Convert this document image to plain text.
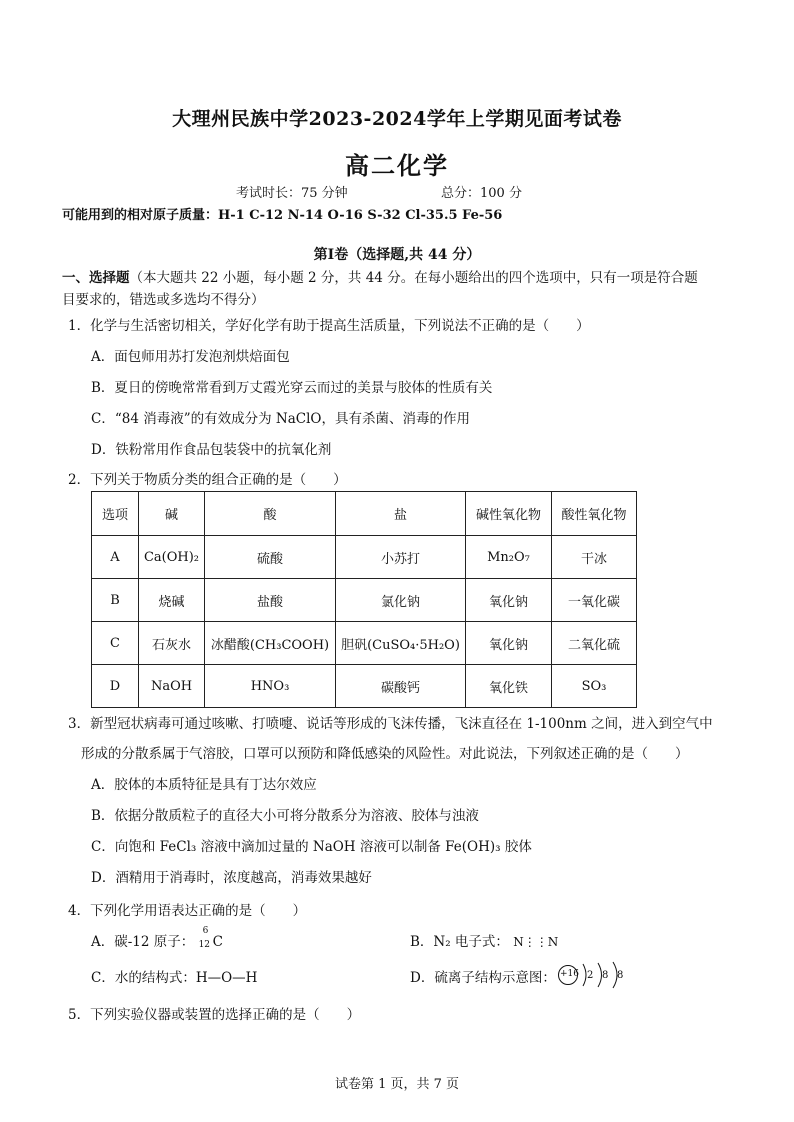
大理州民族中学2023-2024学年上学期见面考试卷
高二化学
考试时长：75 分钟	总分：100 分
可能用到的相对原子质量：H-1 C-12 N-14 O-16 S-32 Cl-35.5 Fe-56
第Ⅰ卷（选择题,共 44 分）
一、选择题（本大题共 22 小题，每小题 2 分，共 44 分。在每小题给出的四个选项中，只有一项是符合题
目要求的，错选或多选均不得分）
1．化学与生活密切相关，学好化学有助于提高生活质量，下列说法不正确的是（　　）
A．面包师用苏打发泡剂烘焙面包
B．夏日的傍晚常常看到万丈霞光穿云而过的美景与胶体的性质有关
C．“84 消毒液”的有效成分为 NaClO，具有杀菌、消毒的作用
D．铁粉常用作食品包装袋中的抗氧化剂
2．下列关于物质分类的组合正确的是（　　）
选项	碱	酸	盐	碱性氧化物	酸性氧化物
A	Ca(OH)₂	硫酸	小苏打	Mn₂O₇	干冰
B	烧碱	盐酸	氯化钠	氧化钠	一氧化碳
C	石灰水	冰醋酸(CH₃COOH)	胆矾(CuSO₄·5H₂O)	氧化钠	二氧化硫
D	NaOH	HNO₃	碳酸钙	氧化铁	SO₃
3．新型冠状病毒可通过咳嗽、打喷嚏、说话等形成的飞沫传播，飞沫直径在 1-100nm 之间，进入到空气中
形成的分散系属于气溶胶，口罩可以预防和降低感染的风险性。对此说法，下列叙述正确的是（　　）
A．胶体的本质特征是具有丁达尔效应
B．依据分散质粒子的直径大小可将分散系分为溶液、胶体与浊液
C．向饱和 FeCl₃ 溶液中滴加过量的 NaOH 溶液可以制备 Fe(OH)₃ 胶体
D．酒精用于消毒时，浓度越高，消毒效果越好
4．下列化学用语表达正确的是（　　）
A．碳-12 原子：
6
12 C	B．N₂ 电子式： N⋮⋮N
C．水的结构式：H—O—H	D．硫离子结构示意图： +16 2 8 8
5．下列实验仪器或装置的选择正确的是（　　）
试卷第 1 页，共 7 页
